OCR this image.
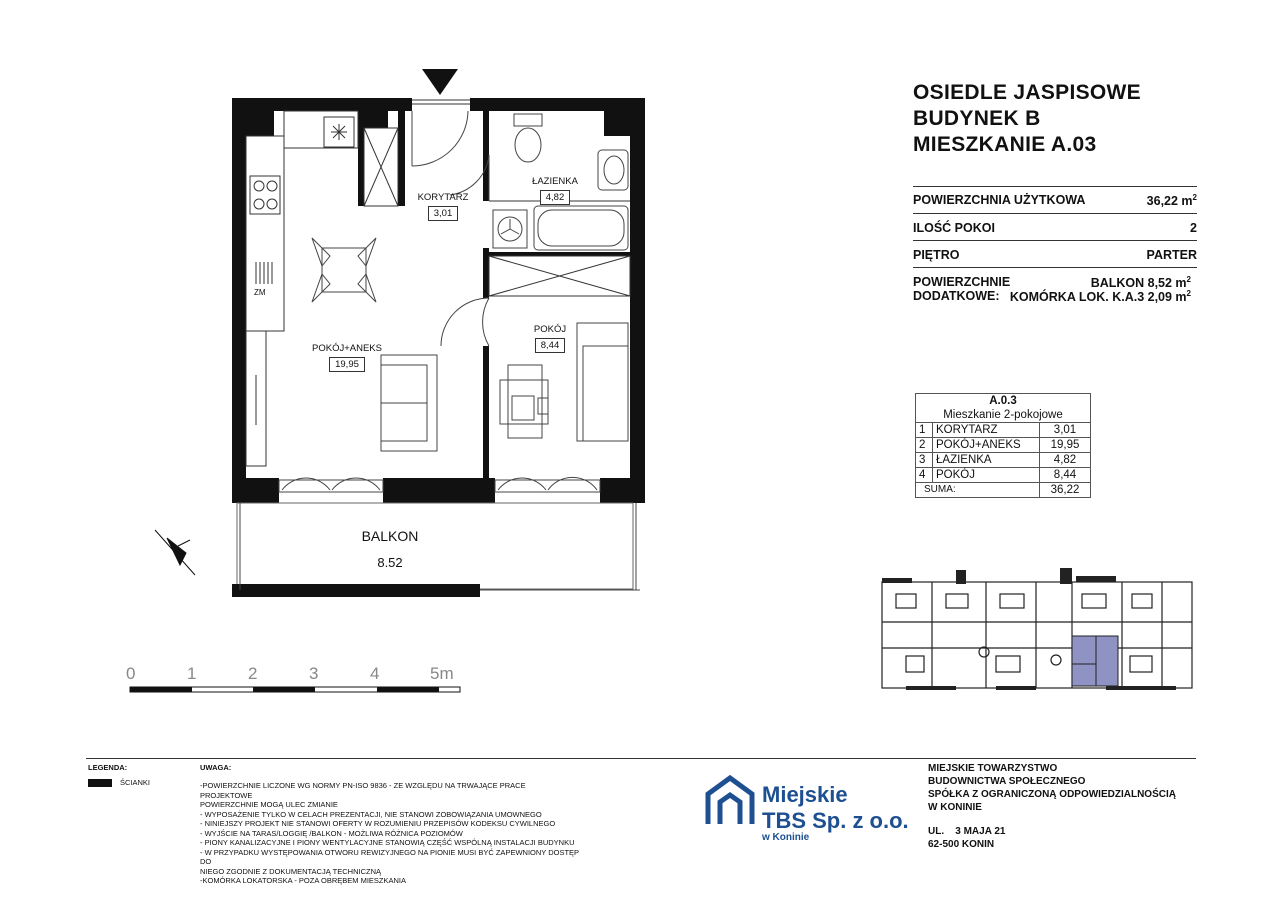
OSIEDLE JASPISOWE
BUDYNEK B
MIESZKANIE A.03
POWIERZCHNIA UŻYTKOWA	36,22 $m^2$
ILOŚĆ POKOI	2
PIĘTRO	PARTER
POWIERZCHNIE	BALKON 8,52 $m^2$
DODATKOWE: KOMÓRKA LOK. K.A.3 2,09 $m^2$
KORYTARZ
3,01
ŁAZIENKA
4,82
POKÓJ+ANEKS
19,95
POKÓJ
8,44
ZM
BALKON
8.52
0	1	2	3	4	5m
A.0.3		
Mieszkanie 2-pokojowe		
1	KORYTARZ	3,01
2	POKÓJ+ANEKS	19,95
3	ŁAZIENKA	4,82
4	POKÓJ	8,44
SUMA:		36,22
LEGENDA:
ŚCIANKI
UWAGA:
-POWIERZCHNIE LICZONE WG NORMY PN-ISO 9836 - ZE WZGLĘDU NA TRWAJĄCE PRACE PROJEKTOWE
POWIERZCHNIE MOGĄ ULEC ZMIANIE
- WYPOSAŻENIE TYLKO W CELACH PREZENTACJI, NIE STANOWI ZOBOWIĄZANIA UMOWNEGO
- NINIEJSZY PROJEKT NIE STANOWI OFERTY W ROZUMIENIU PRZEPISÓW KODEKSU CYWILNEGO
- WYJŚCIE NA TARAS/LOGGIĘ /BALKON - MOŻLIWA RÓŻNICA POZIOMÓW
- PIONY KANALIZACYJNE I PIONY WENTYLACYJNE STANOWIĄ CZĘŚĆ WSPÓLNĄ INSTALACJI BUDYNKU
- W PRZYPADKU WYSTĘPOWANIA OTWORU REWIZYJNEGO NA PIONIE MUSI BYĆ ZAPEWNIONY DOSTĘP DO
NIEGO ZGODNIE Z DOKUMENTACJĄ TECHNICZNĄ
-KOMÓRKA LOKATORSKA - POZA OBRĘBEM MIESZKANIA
Miejskie
TBS Sp. z o.o.
w Koninie
MIEJSKIE TOWARZYSTWO
BUDOWNICTWA SPOŁECZNEGO
SPÓŁKA Z OGRANICZONĄ ODPOWIEDZIALNOŚCIĄ
W KONINIE
UL. 3 MAJA 21
62-500 KONIN
